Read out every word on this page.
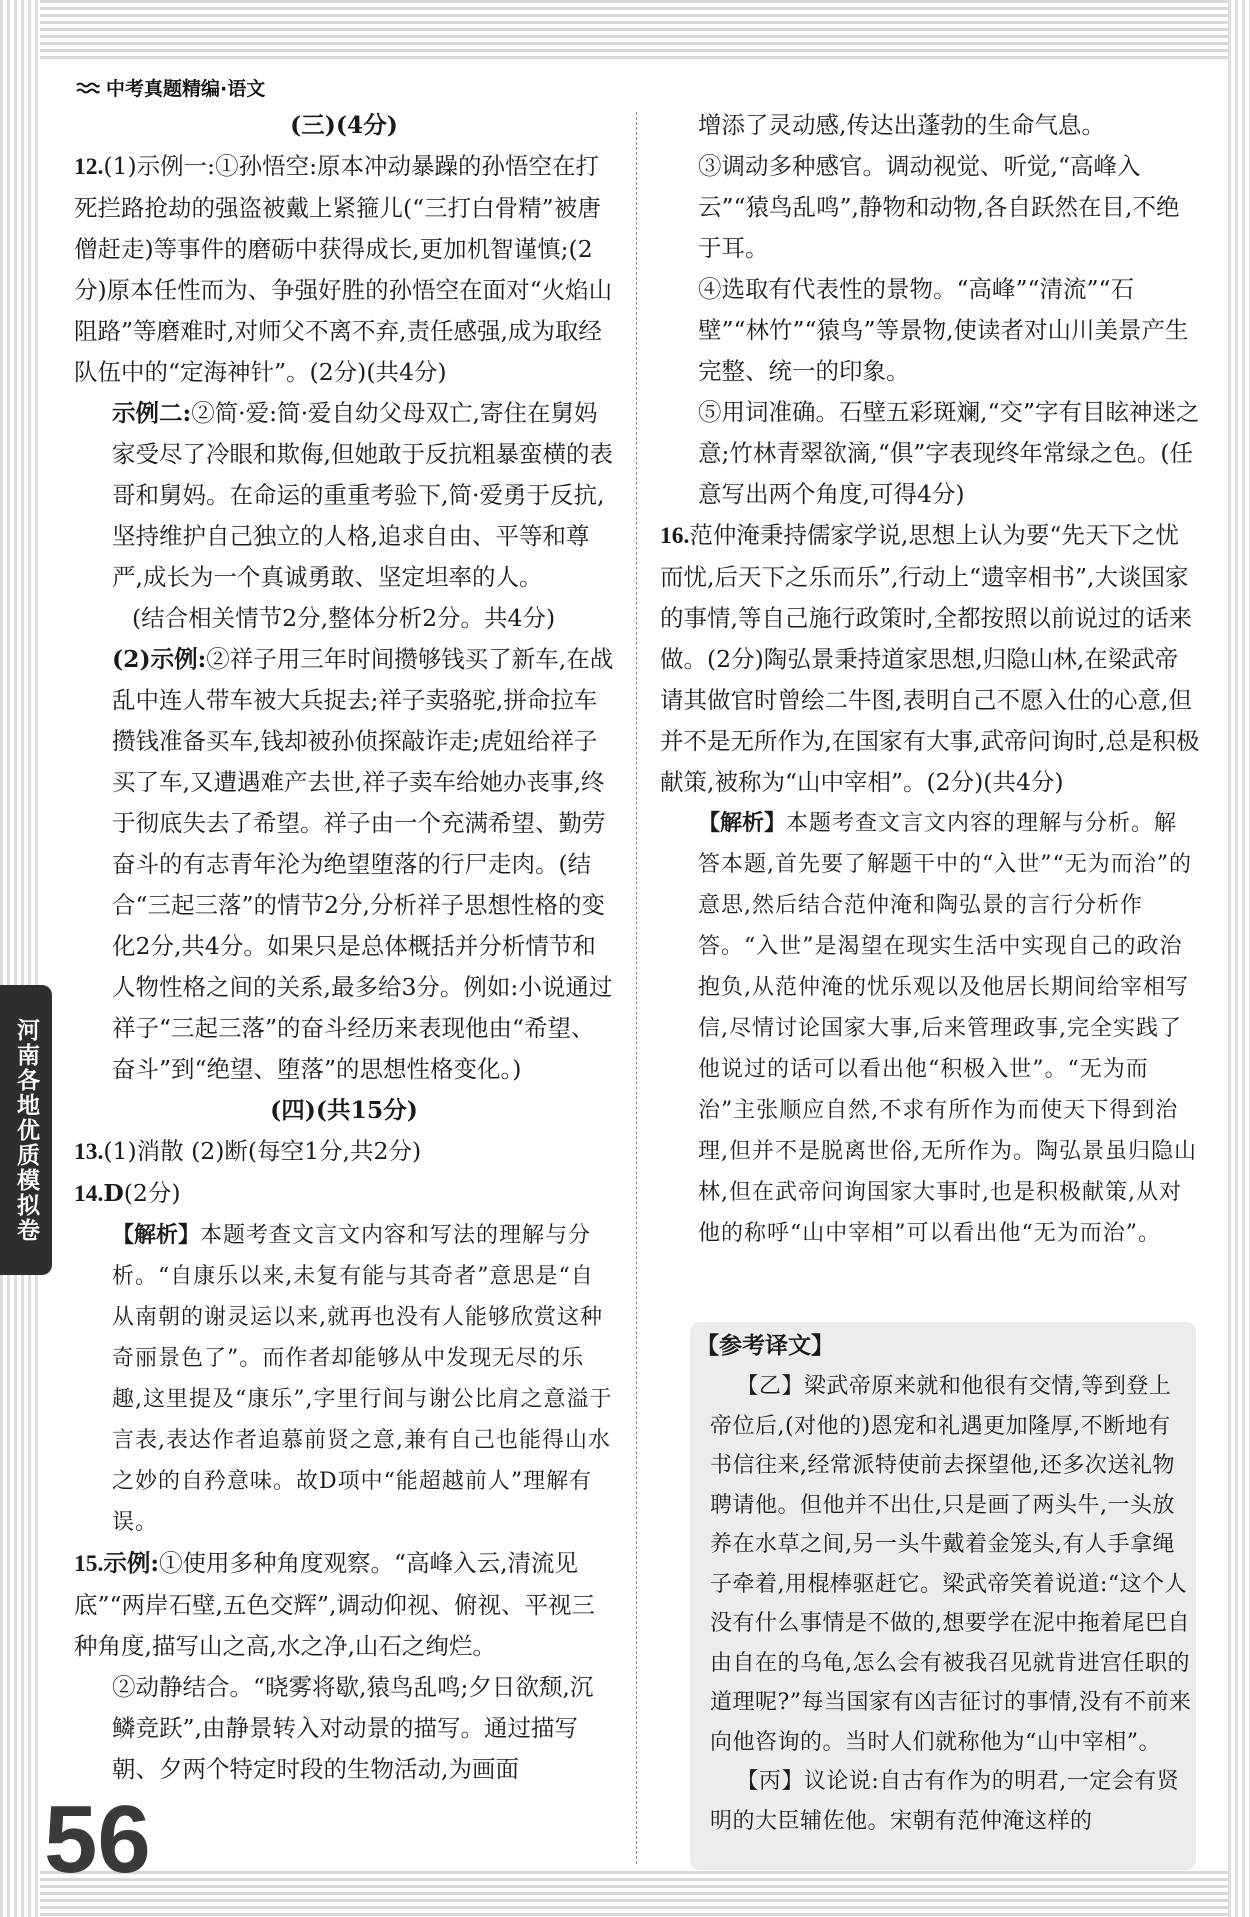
中考真题精编·语文

(三)(4分)

12.(1)示例一:①孙悟空:原本冲动暴躁的孙悟空在打死拦路抢劫的强盗被戴上紧箍儿(“三打白骨精”被唐僧赶走)等事件的磨砺中获得成长,更加机智谨慎;(2分)原本任性而为、争强好胜的孙悟空在面对“火焰山阻路”等磨难时,对师父不离不弃,责任感强,成为取经队伍中的“定海神针”。(2分)(共4分)

示例二:②简·爱:简·爱自幼父母双亡,寄住在舅妈家受尽了冷眼和欺侮,但她敢于反抗粗暴蛮横的表哥和舅妈。在命运的重重考验下,简·爱勇于反抗,坚持维护自己独立的人格,追求自由、平等和尊严,成长为一个真诚勇敢、坚定坦率的人。

(结合相关情节2分,整体分析2分。共4分)

(2)示例:②祥子用三年时间攒够钱买了新车,在战乱中连人带车被大兵捉去;祥子卖骆驼,拼命拉车攒钱准备买车,钱却被孙侦探敲诈走;虎妞给祥子买了车,又遭遇难产去世,祥子卖车给她办丧事,终于彻底失去了希望。祥子由一个充满希望、勤劳奋斗的有志青年沦为绝望堕落的行尸走肉。(结合“三起三落”的情节2分,分析祥子思想性格的变化2分,共4分。如果只是总体概括并分析情节和人物性格之间的关系,最多给3分。例如:小说通过祥子“三起三落”的奋斗经历来表现他由“希望、奋斗”到“绝望、堕落”的思想性格变化。)

(四)(共15分)

13.(1)消散 (2)断(每空1分,共2分)

14.D(2分)

【解析】本题考查文言文内容和写法的理解与分析。“自康乐以来,未复有能与其奇者”意思是“自从南朝的谢灵运以来,就再也没有人能够欣赏这种奇丽景色了”。而作者却能够从中发现无尽的乐趣,这里提及“康乐”,字里行间与谢公比肩之意溢于言表,表达作者追慕前贤之意,兼有自己也能得山水之妙的自矜意味。故D项中“能超越前人”理解有误。

15.示例:①使用多种角度观察。“高峰入云,清流见底”“两岸石壁,五色交辉”,调动仰视、俯视、平视三种角度,描写山之高,水之净,山石之绚烂。

②动静结合。“晓雾将歇,猿鸟乱鸣;夕日欲颓,沉鳞竞跃”,由静景转入对动景的描写。通过描写朝、夕两个特定时段的生物活动,为画面

增添了灵动感,传达出蓬勃的生命气息。

③调动多种感官。调动视觉、听觉,“高峰入云”“猿鸟乱鸣”,静物和动物,各自跃然在目,不绝于耳。

④选取有代表性的景物。“高峰”“清流”“石壁”“林竹”“猿鸟”等景物,使读者对山川美景产生完整、统一的印象。

⑤用词准确。石壁五彩斑斓,“交”字有目眩神迷之意;竹林青翠欲滴,“俱”字表现终年常绿之色。(任意写出两个角度,可得4分)

16.范仲淹秉持儒家学说,思想上认为要“先天下之忧而忧,后天下之乐而乐”,行动上“遗宰相书”,大谈国家的事情,等自己施行政策时,全都按照以前说过的话来做。(2分)陶弘景秉持道家思想,归隐山林,在梁武帝请其做官时曾绘二牛图,表明自己不愿入仕的心意,但并不是无所作为,在国家有大事,武帝问询时,总是积极献策,被称为“山中宰相”。(2分)(共4分)

【解析】本题考查文言文内容的理解与分析。解答本题,首先要了解题干中的“入世”“无为而治”的意思,然后结合范仲淹和陶弘景的言行分析作答。“入世”是渴望在现实生活中实现自己的政治抱负,从范仲淹的忧乐观以及他居长期间给宰相写信,尽情讨论国家大事,后来管理政事,完全实践了他说过的话可以看出他“积极入世”。“无为而治”主张顺应自然,不求有所作为而使天下得到治理,但并不是脱离世俗,无所作为。陶弘景虽归隐山林,但在武帝问询国家大事时,也是积极献策,从对他的称呼“山中宰相”可以看出他“无为而治”。

【参考译文】

【乙】梁武帝原来就和他很有交情,等到登上帝位后,(对他的)恩宠和礼遇更加隆厚,不断地有书信往来,经常派特使前去探望他,还多次送礼物聘请他。但他并不出仕,只是画了两头牛,一头放养在水草之间,另一头牛戴着金笼头,有人手拿绳子牵着,用棍棒驱赶它。梁武帝笑着说道:“这个人没有什么事情是不做的,想要学在泥中拖着尾巴自由自在的乌龟,怎么会有被我召见就肯进宫任职的道理呢?”每当国家有凶吉征讨的事情,没有不前来向他咨询的。当时人们就称他为“山中宰相”。

【丙】议论说:自古有作为的明君,一定会有贤明的大臣辅佐他。宋朝有范仲淹这样的

河南各地优质模拟卷
56
